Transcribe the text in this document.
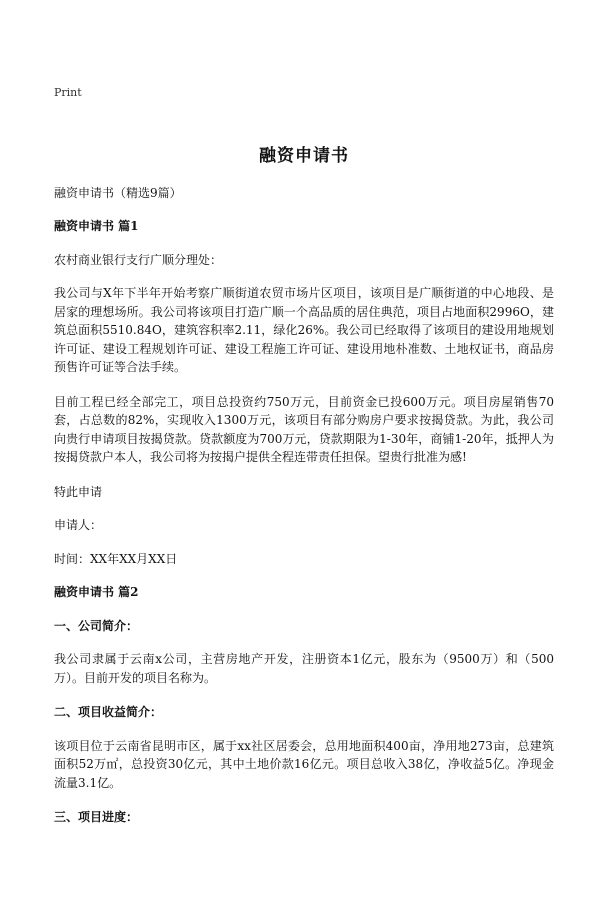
Print

融资申请书

融资申请书（精选9篇）

融资申请书 篇1

农村商业银行支行广顺分理处：

我公司与X年下半年开始考察广顺街道农贸市场片区项目，该项目是广顺街道的中心地段、是居家的理想场所。我公司将该项目打造广顺一个高品质的居住典范，项目占地面积2996O，建筑总面积5510.84O，建筑容积率2.11，绿化26%。我公司已经取得了该项目的建设用地规划许可证、建设工程规划许可证、建设工程施工许可证、建设用地朴准数、土地权证书，商品房预售许可证等合法手续。

目前工程已经全部完工，项目总投资约750万元，目前资金已投600万元。项目房屋销售70套，占总数的82%，实现收入1300万元，该项目有部分购房户要求按揭贷款。为此，我公司向贵行申请项目按揭贷款。贷款额度为700万元，贷款期限为1-30年，商铺1-20年，抵押人为按揭贷款户本人，我公司将为按揭户提供全程连带责任担保。望贵行批准为感!

特此申请

申请人：

时间：XX年XX月XX日

融资申请书 篇2

一、公司简介：

我公司隶属于云南x公司，主营房地产开发，注册资本1亿元，股东为（9500万）和（500万）。目前开发的项目名称为。

二、项目收益简介：

该项目位于云南省昆明市区，属于xx社区居委会，总用地面积400亩，净用地273亩，总建筑面积52万㎡，总投资30亿元，其中土地价款16亿元。项目总收入38亿，净收益5亿。净现金流量3.1亿。

三、项目进度：
